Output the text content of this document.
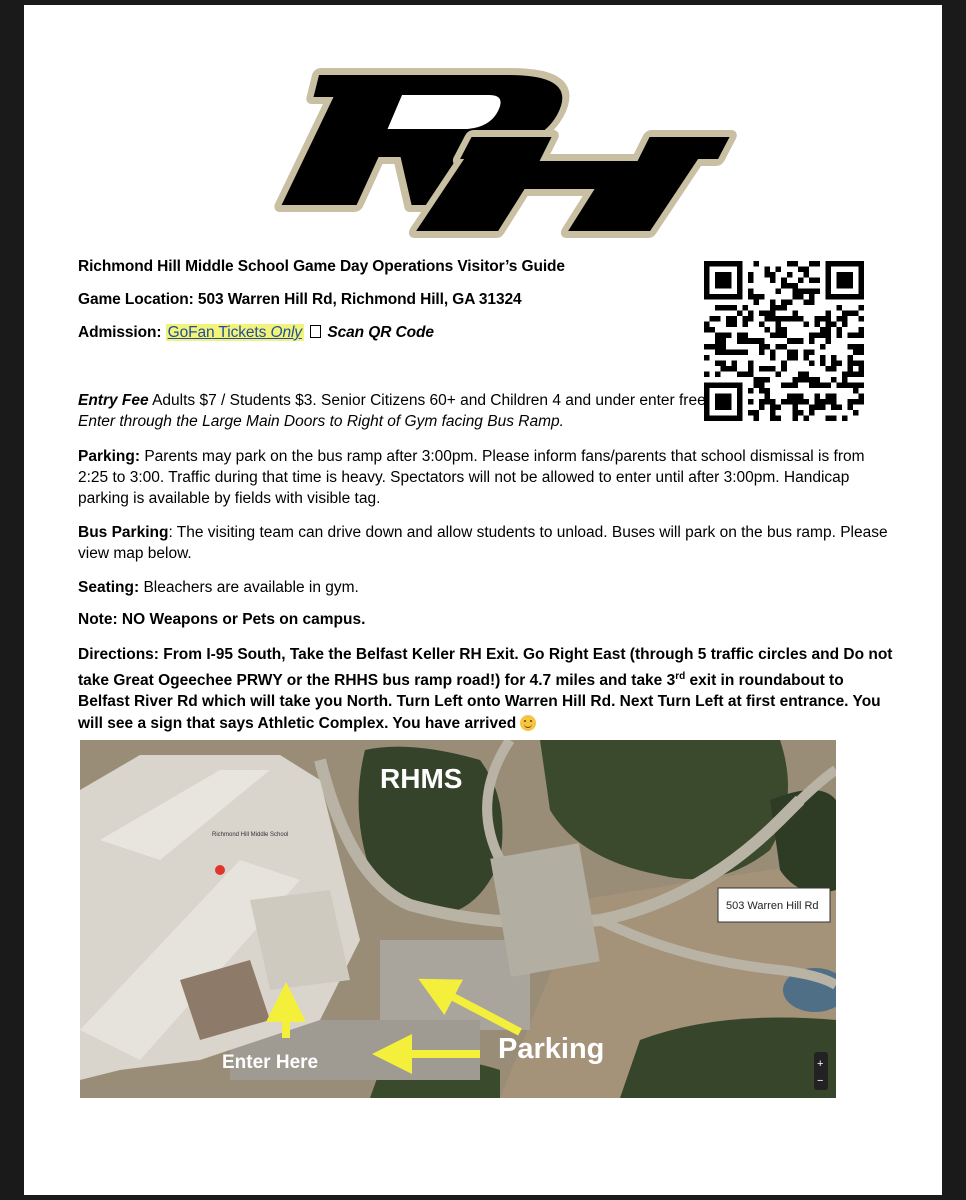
Richmond Hill Middle School Game Day Operations Visitor’s Guide
Game Location: 503 Warren Hill Rd, Richmond Hill, GA 31324
Admission: GoFan Tickets Only Scan QR Code
Entry Fee Adults $7 / Students $3. Senior Citizens 60+ and Children 4 and under enter free. Enter through the Large Main Doors to Right of Gym facing Bus Ramp.
Parking: Parents may park on the bus ramp after 3:00pm. Please inform fans/parents that school dismissal is from 2:25 to 3:00. Traffic during that time is heavy. Spectators will not be allowed to enter until after 3:00pm. Handicap parking is available by fields with visible tag.
Bus Parking: The visiting team can drive down and allow students to unload. Buses will park on the bus ramp. Please view map below.
Seating: Bleachers are available in gym.
Note: NO Weapons or Pets on campus.
Directions: From I-95 South, Take the Belfast Keller RH Exit. Go Right East (through 5 traffic circles and Do not take Great Ogeechee PRWY or the RHHS bus ramp road!) for 4.7 miles and take 3rd exit in roundabout to Belfast River Rd which will take you North. Turn Left onto Warren Hill Rd. Next Turn Left at first entrance. You will see a sign that says Athletic Complex. You have arrived
Richmond Hill Middle School
RHMS
503 Warren Hill Rd
Enter Here	Parking	+
−
